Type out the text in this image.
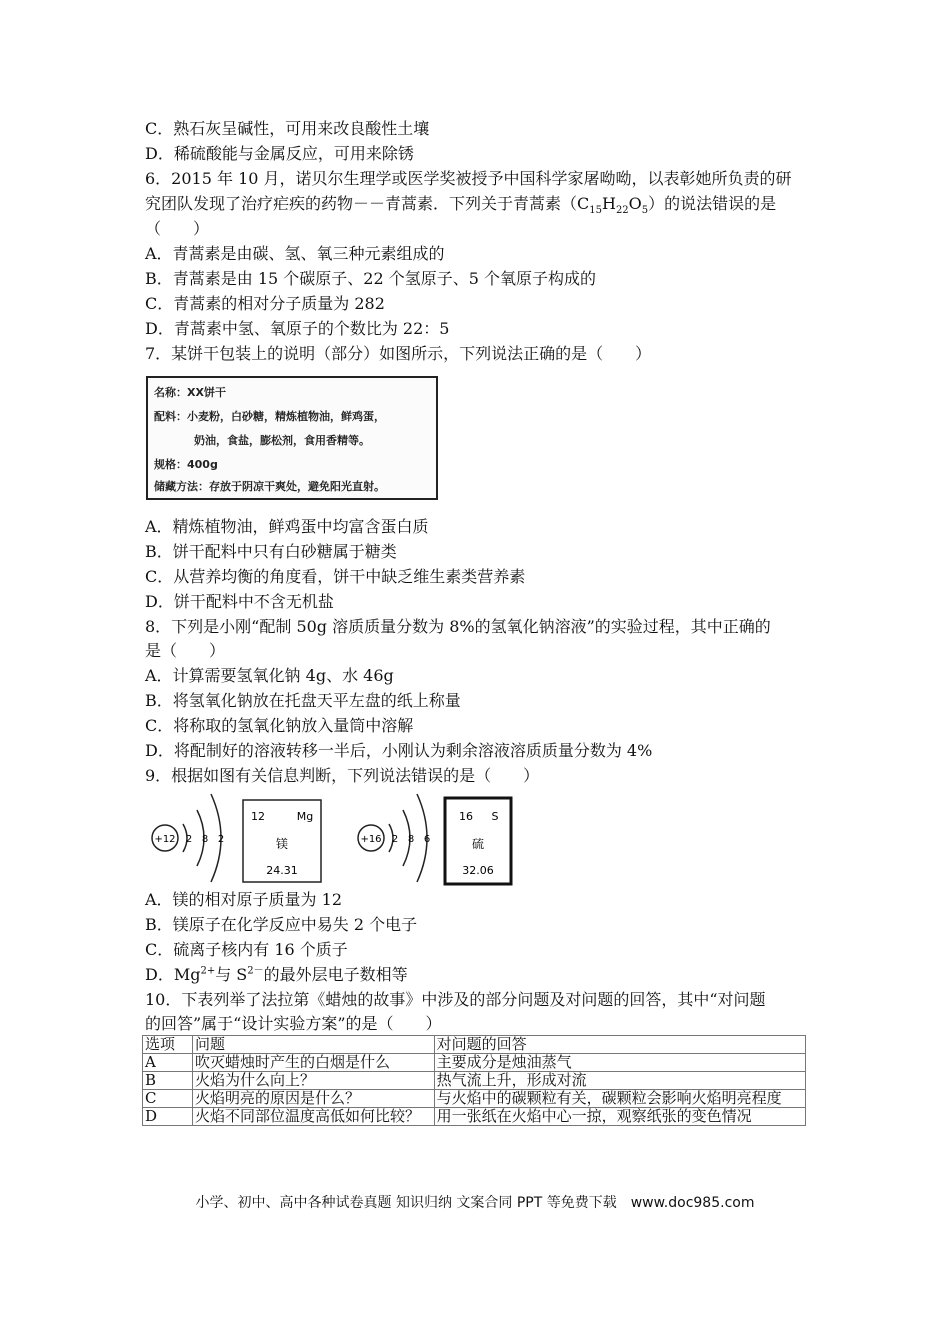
C．熟石灰呈碱性，可用来改良酸性土壤
D．稀硫酸能与金属反应，可用来除锈
6．2015 年 10 月，诺贝尔生理学或医学奖被授予中国科学家屠呦呦，以表彰她所负责的研
究团队发现了治疗疟疾的药物－－青蒿素．下列关于青蒿素$(C_{15}H_{22}O_5)$的说法错误的是
（　　）
A．青蒿素是由碳、氢、氧三种元素组成的
B．青蒿素是由 15 个碳原子、22 个氢原子、5 个氧原子构成的
C．青蒿素的相对分子质量为 282
D．青蒿素中氢、氧原子的个数比为 22：5
7．某饼干包装上的说明（部分）如图所示，下列说法正确的是（　　）
名称：XX饼干
配料：小麦粉，白砂糖，精炼植物油，鲜鸡蛋，
奶油，食盐，膨松剂，食用香精等。
规格：400g
储藏方法：存放于阴凉干爽处，避免阳光直射。
A．精炼植物油，鲜鸡蛋中均富含蛋白质
B．饼干配料中只有白砂糖属于糖类
C．从营养均衡的角度看，饼干中缺乏维生素类营养素
D．饼干配料中不含无机盐
8．下列是小刚“配制 50g 溶质质量分数为 8%的氢氧化钠溶液”的实验过程，其中正确的
是（　　）
A．计算需要氢氧化钠 4g、水 46g
B．将氢氧化钠放在托盘天平左盘的纸上称量
C．将称取的氢氧化钠放入量筒中溶解
D．将配制好的溶液转移一半后，小刚认为剩余溶液溶质质量分数为 4%
9．根据如图有关信息判断，下列说法错误的是（　　）
+12 2 8 2
12	Mg
镁
24.31
+16 2 8 6
16 S
硫
32.06
A．镁的相对原子质量为 12
B．镁原子在化学反应中易失 2 个电子
C．硫离子核内有 16 个质子
D．$Mg^{2+}$与 $S^{2-}$的最外层电子数相等
10．下表列举了法拉第《蜡烛的故事》中涉及的部分问题及对问题的回答，其中“对问题
的回答”属于“设计实验方案”的是（　　）
选项	问题	对问题的回答
A	吹灭蜡烛时产生的白烟是什么	主要成分是烛油蒸气
B	火焰为什么向上？	热气流上升，形成对流
C	火焰明亮的原因是什么？	与火焰中的碳颗粒有关，碳颗粒会影响火焰明亮程度
D	火焰不同部位温度高低如何比较？	用一张纸在火焰中心一掠，观察纸张的变色情况
小学、初中、高中各种试卷真题 知识归纳 文案合同 PPT 等免费下载　www.doc985.com
